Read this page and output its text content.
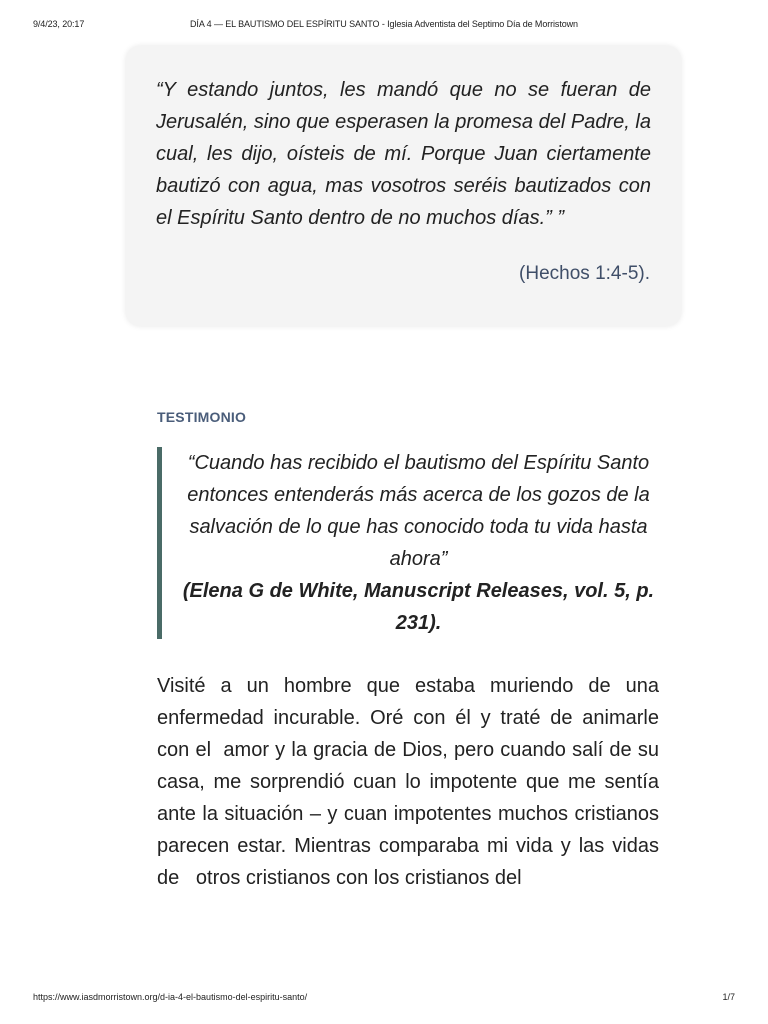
9/4/23, 20:17	DÍA 4 — EL BAUTISMO DEL ESPÍRITU SANTO - Iglesia Adventista del Septimo Día de Morristown
“Y estando juntos, les mandó que no se fueran de Jerusalén, sino que esperasen la promesa del Padre, la cual, les dijo, oísteis de mí. Porque Juan ciertamente bautizó con agua, mas vosotros seréis bautizados con el Espíritu Santo dentro de no muchos días.” ”
(Hechos 1:4-5).
TESTIMONIO
“Cuando has recibido el bautismo del Espíritu Santo entonces entenderás más acerca de los gozos de la salvación de lo que has conocido toda tu vida hasta ahora”
(Elena G de White, Manuscript Releases, vol. 5, p. 231).
Visité a un hombre que estaba muriendo de una enfermedad incurable. Oré con él y traté de animarle con el  amor y la gracia de Dios, pero cuando salí de su casa, me sorprendió cuan lo impotente que me sentía ante la situación – y cuan impotentes muchos cristianos parecen estar. Mientras comparaba mi vida y las vidas de   otros cristianos con los cristianos del
https://www.iasdmorristown.org/d-ia-4-el-bautismo-del-espiritu-santo/	1/7
